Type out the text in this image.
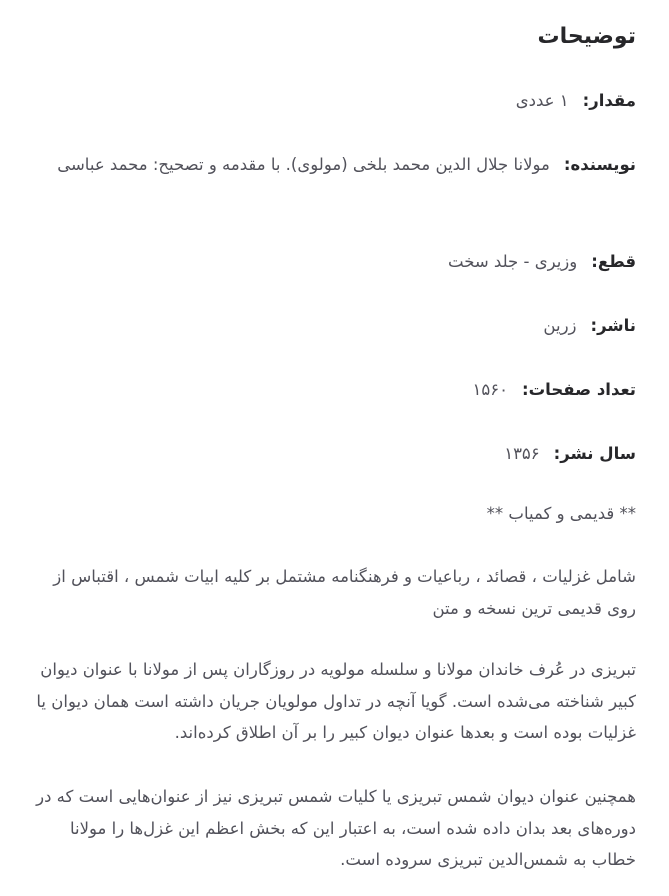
توضیحات
مقدار:۱ عددی
نویسنده:مولانا جلال الدین محمد بلخی (مولوی). با مقدمه و تصحیح: محمد عباسی
قطع:وزیری - جلد سخت
ناشر:زرین
تعداد صفحات:۱۵۶۰
سال نشر:۱۳۵۶
** قدیمی و کمیاب **

شامل غزلیات ، قصائد ، رباعیات و فرهنگنامه مشتمل بر کلیه ابیات شمس ، اقتباس از روی قدیمی ترین نسخه و متن

تبریزی در عُرف خاندان مولانا و سلسله مولویه در روزگاران پس از مولانا با عنوان دیوان کبیر شناخته می‌شده است. گویا آنچه در تداول مولویان جریان داشته است همان دیوان یا غزلیات بوده است و بعدها عنوان دیوان کبیر را بر آن اطلاق کرده‌اند.

همچنین عنوان دیوان شمس تبریزی یا کلیات شمس تبریزی نیز از عنوان‌هایی است که در دوره‌های بعد بدان داده شده است، به اعتبار این که بخش اعظم این غزل‌ها را مولانا خطاب به شمس‌الدین تبریزی سروده است.
